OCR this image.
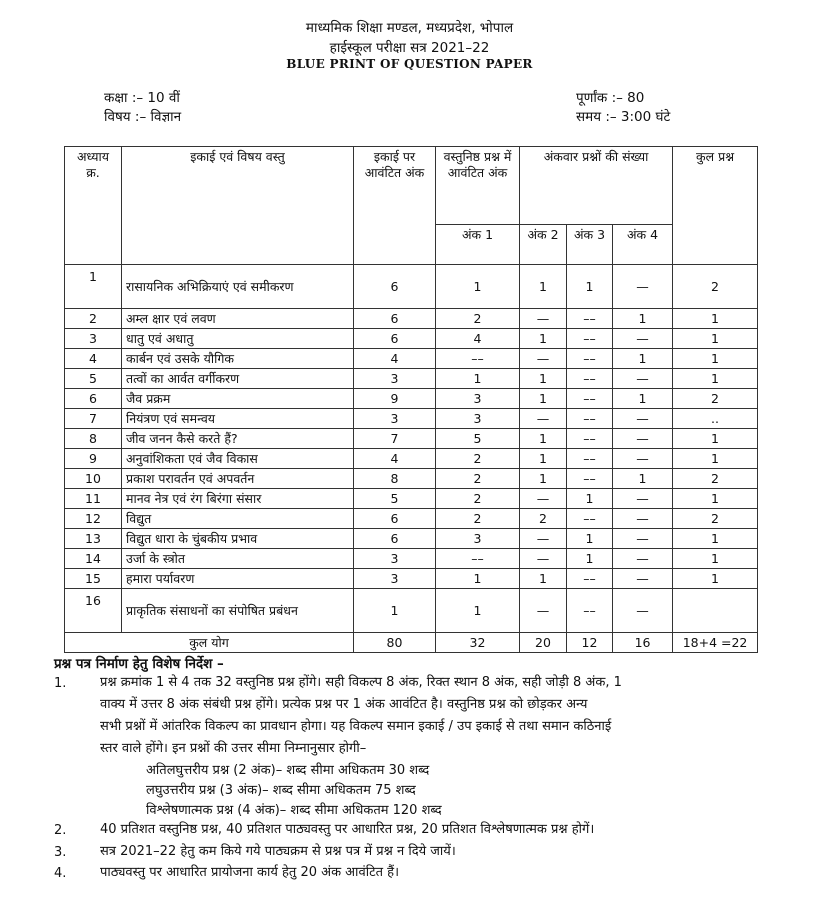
माध्यमिक शिक्षा मण्डल, मध्यप्रदेश, भोपाल
हाईस्कूल परीक्षा सत्र 2021–22
BLUE PRINT OF QUESTION PAPER
कक्षा :– 10 वीं
विषय :– विज्ञान
पूर्णांक :– 80
समय :– 3:00 घंटे
अध्याय क्र.	इकाई एवं विषय वस्तु	इकाई पर आवंटित अंक	वस्तुनिष्ठ प्रश्न में आवंटित अंक	अंकवार प्रश्नों की संख्या			कुल प्रश्न
			अंक 1	अंक 2	अंक 3	अंक 4	
1	रासायनिक अभिक्रियाएं एवं समीकरण	6	1	1	1	—	2
2	अम्ल क्षार एवं लवण	6	2	—	––	1	1
3	धातु एवं अधातु	6	4	1	––	—	1
4	कार्बन एवं उसके यौगिक	4	––	—	––	1	1
5	तत्वों का आर्वत वर्गीकरण	3	1	1	––	—	1
6	जैव प्रक्रम	9	3	1	––	1	2
7	नियंत्रण एवं समन्वय	3	3	—	––	—	..
8	जीव जनन कैसे करते हैं?	7	5	1	––	—	1
9	अनुवांशिकता एवं जैव विकास	4	2	1	––	—	1
10	प्रकाश परावर्तन एवं अपवर्तन	8	2	1	––	1	2
11	मानव नेत्र एवं रंग बिरंगा संसार	5	2	—	1	—	1
12	विद्युत	6	2	2	––	—	2
13	विद्युत धारा के चुंबकीय प्रभाव	6	3	—	1	—	1
14	उर्जा के स्त्रोत	3	––	—	1	—	1
15	हमारा पर्यावरण	3	1	1	––	—	1
16	प्राकृतिक संसाधनों का संपोषित प्रबंधन	1	1	—	––	—	
कुल योग		80	32	20	12	16	18+4 =22
प्रश्न पत्र निर्माण हेतु विशेष निर्देश –
1.	प्रश्न क्रमांक 1 से 4 तक 32 वस्तुनिष्ठ प्रश्न होंगे। सही विकल्प 8 अंक, रिक्त स्थान 8 अंक, सही जोड़ी 8 अंक, 1
वाक्य में उत्तर 8 अंक संबंधी प्रश्न होंगे। प्रत्येक प्रश्न पर 1 अंक आवंटित है। वस्तुनिष्ठ प्रश्न को छोड़कर अन्य
सभी प्रश्नों में आंतरिक विकल्प का प्रावधान होगा। यह विकल्प समान इकाई / उप इकाई से तथा समान कठिनाई
स्तर वाले होंगे। इन प्रश्नों की उत्तर सीमा निम्नानुसार होगी–
अतिलघुत्तरीय प्रश्न (2 अंक)– शब्द सीमा अधिकतम 30 शब्द
लघुउत्तरीय प्रश्न (3 अंक)– शब्द सीमा अधिकतम 75 शब्द
विश्लेषणात्मक प्रश्न (4 अंक)– शब्द सीमा अधिकतम 120 शब्द
2.	40 प्रतिशत वस्तुनिष्ठ प्रश्न, 40 प्रतिशत पाठ्यवस्तु पर आधारित प्रश्न, 20 प्रतिशत विश्लेषणात्मक प्रश्न होगें।
3.	सत्र 2021–22 हेतु कम किये गये पाठ्यक्रम से प्रश्न पत्र में प्रश्न न दिये जायें।
4.	पाठ्यवस्तु पर आधारित प्रायोजना कार्य हेतु 20 अंक आवंटित हैं।
